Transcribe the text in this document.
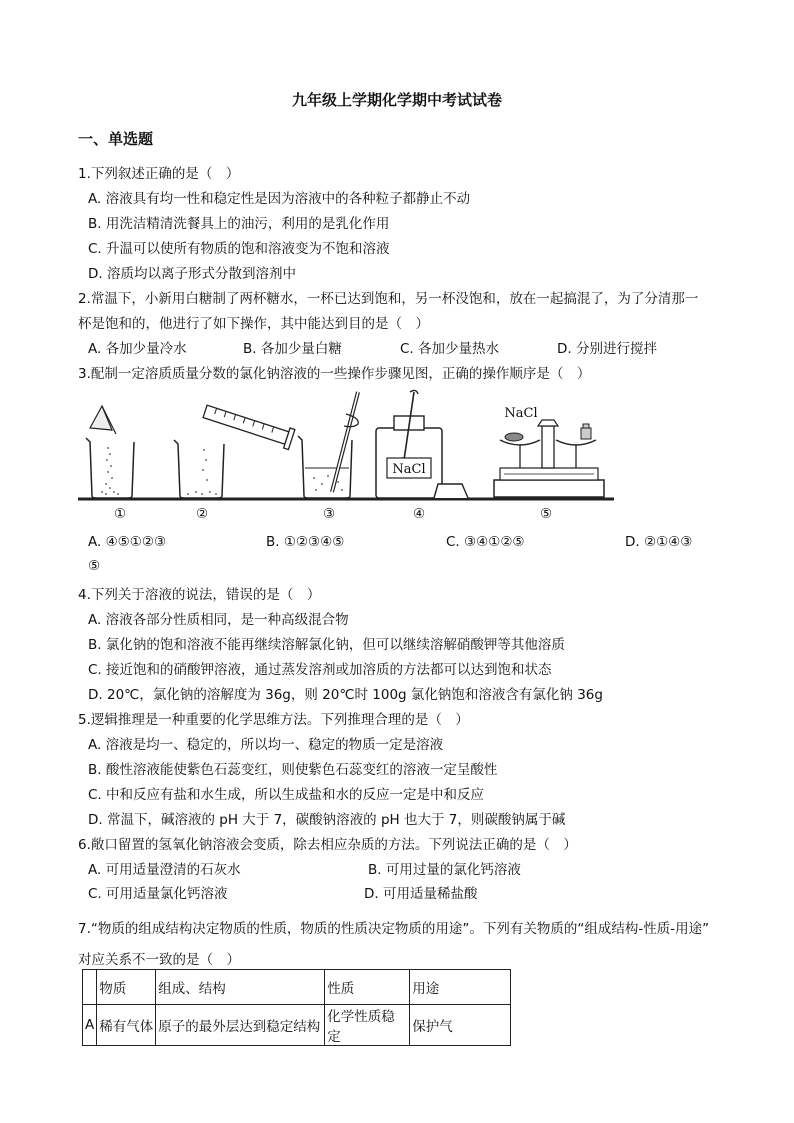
九年级上学期化学期中考试试卷
一、单选题
1.下列叙述正确的是（　）
A. 溶液具有均一性和稳定性是因为溶液中的各种粒子都静止不动
B. 用洗洁精清洗餐具上的油污，利用的是乳化作用
C. 升温可以使所有物质的饱和溶液变为不饱和溶液
D. 溶质均以离子形式分散到溶剂中
2.常温下，小新用白糖制了两杯糖水，一杯已达到饱和，另一杯没饱和，放在一起搞混了，为了分清那一
杯是饱和的，他进行了如下操作，其中能达到目的是（　）
A. 各加少量冷水	B. 各加少量白糖	C. 各加少量热水	D. 分别进行搅拌
3.配制一定溶质质量分数的氯化钠溶液的一些操作步骤见图，正确的操作顺序是（　）
NaCl
NaCl
①	②	③	④	⑤
A. ④⑤①②③	B. ①②③④⑤	C. ③④①②⑤	D. ②①④③
⑤
4.下列关于溶液的说法，错误的是（　）
A. 溶液各部分性质相同，是一种高级混合物
B. 氯化钠的饱和溶液不能再继续溶解氯化钠，但可以继续溶解硝酸钾等其他溶质
C. 接近饱和的硝酸钾溶液，通过蒸发溶剂或加溶质的方法都可以达到饱和状态
D. 20℃，氯化钠的溶解度为 36g，则 20℃时 100g 氯化钠饱和溶液含有氯化钠 36g
5.逻辑推理是一种重要的化学思维方法。下列推理合理的是（　）
A. 溶液是均一、稳定的，所以均一、稳定的物质一定是溶液
B. 酸性溶液能使紫色石蕊变红，则使紫色石蕊变红的溶液一定呈酸性
C. 中和反应有盐和水生成，所以生成盐和水的反应一定是中和反应
D. 常温下，碱溶液的 pH 大于 7，碳酸钠溶液的 pH 也大于 7，则碳酸钠属于碱
6.敞口留置的氢氧化钠溶液会变质，除去相应杂质的方法。下列说法正确的是（　）
A. 可用适量澄清的石灰水	B. 可用过量的氯化钙溶液
C. 可用适量氯化钙溶液	D. 可用适量稀盐酸
7.“物质的组成结构决定物质的性质，物质的性质决定物质的用途”。下列有关物质的“组成结构-性质-用途”
对应关系不一致的是（　）
	物质	组成、结构	性质	用途
A	稀有气体	原子的最外层达到稳定结构	化学性质稳定	保护气
